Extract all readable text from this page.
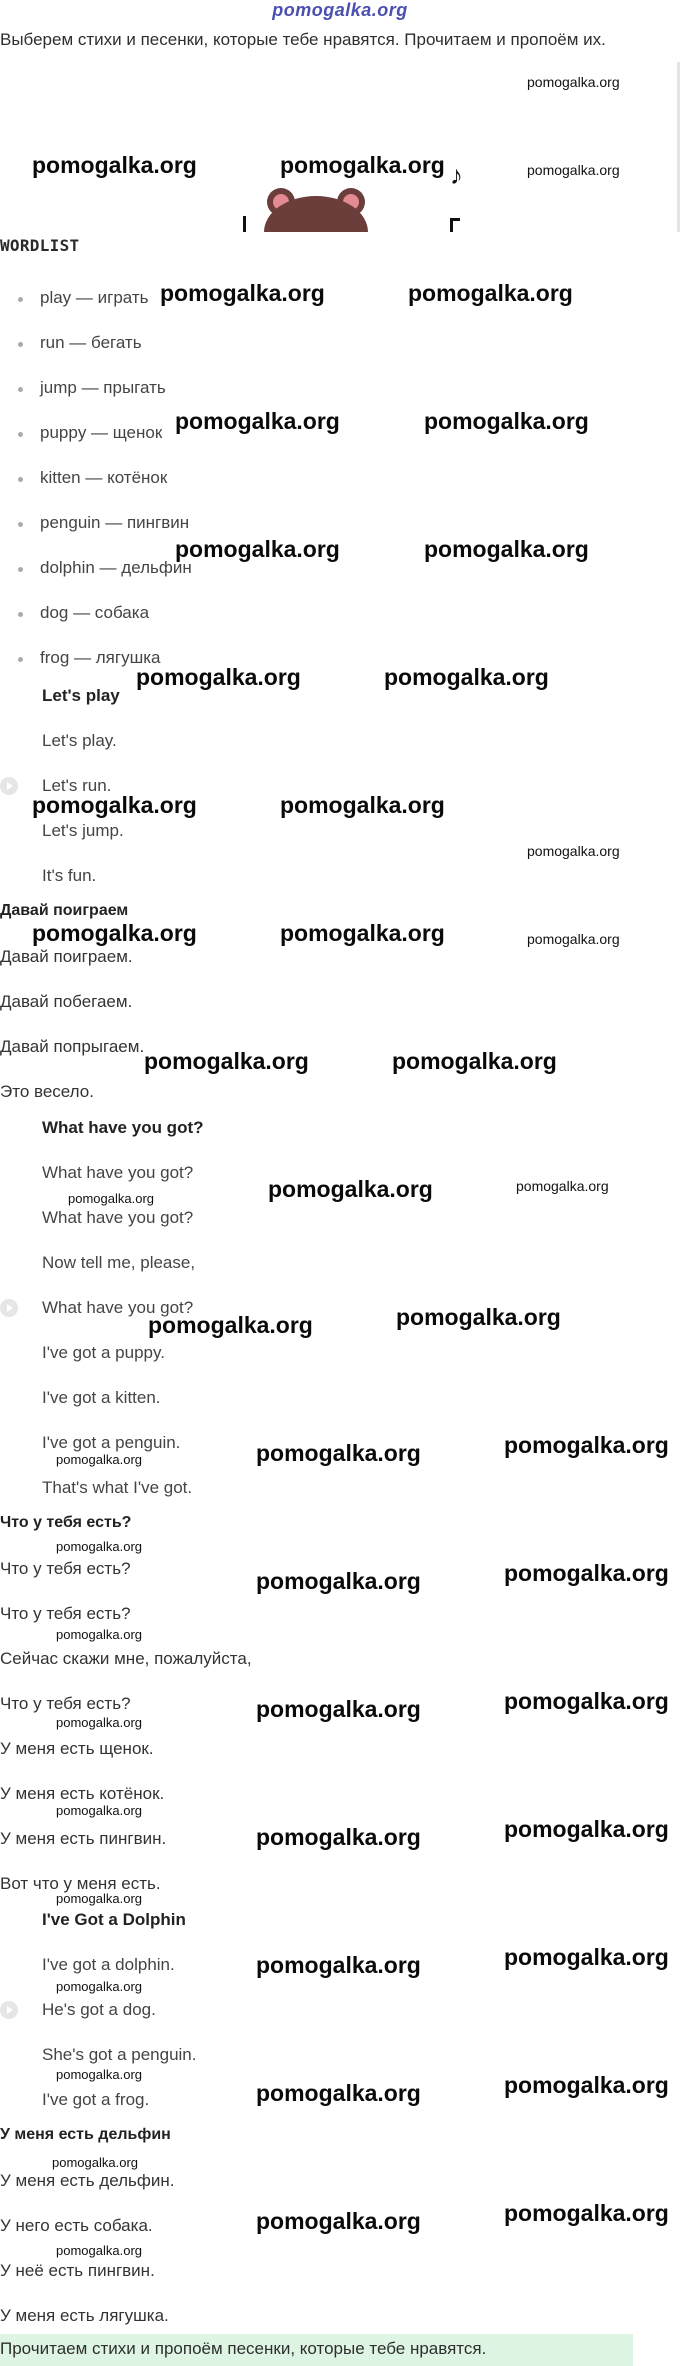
pomogalka.org
Выберем стихи и песенки, которые тебе нравятся. Прочитаем и пропоём их.
♪
WORDLIST
play — играть
run — бегать
jump — прыгать
puppy — щенок
kitten — котёнок
penguin — пингвин
dolphin — дельфин
dog — собака
frog — лягушка
Let's play
Let's play.
Let's run.
Let's jump.
It's fun.
Давай поиграем
Давай поиграем.
Давай побегаем.
Давай попрыгаем.
Это весело.
What have you got?
What have you got?
What have you got?
Now tell me, please,
What have you got?
I've got a puppy.
I've got a kitten.
I've got a penguin.
That's what I've got.
Что у тебя есть?
Что у тебя есть?
Что у тебя есть?
Сейчас скажи мне, пожалуйста,
Что у тебя есть?
У меня есть щенок.
У меня есть котёнок.
У меня есть пингвин.
Вот что у меня есть.
I've Got a Dolphin
I've got a dolphin.
He's got a dog.
She's got a penguin.
I've got a frog.
У меня есть дельфин
У меня есть дельфин.
У него есть собака.
У неё есть пингвин.
У меня есть лягушка.
Прочитаем стихи и пропоём песенки, которые тебе нравятся.
pomogalka.org
pomogalka.org	pomogalka.org	pomogalka.org
pomogalka.org	pomogalka.org
pomogalka.org	pomogalka.org
pomogalka.org	pomogalka.org
pomogalka.org	pomogalka.org
pomogalka.org	pomogalka.org
pomogalka.org
pomogalka.org	pomogalka.org	pomogalka.org
pomogalka.org	pomogalka.org
pomogalka.org	pomogalka.org	pomogalka.org
pomogalka.org	pomogalka.org
pomogalka.org	pomogalka.org	pomogalka.org
pomogalka.org
pomogalka.org	pomogalka.org
pomogalka.org
pomogalka.org
pomogalka.org	pomogalka.org
pomogalka.org
pomogalka.org	pomogalka.org
pomogalka.org
pomogalka.org	pomogalka.org
pomogalka.org
pomogalka.org
pomogalka.org	pomogalka.org
pomogalka.org
pomogalka.org	pomogalka.org
pomogalka.org
